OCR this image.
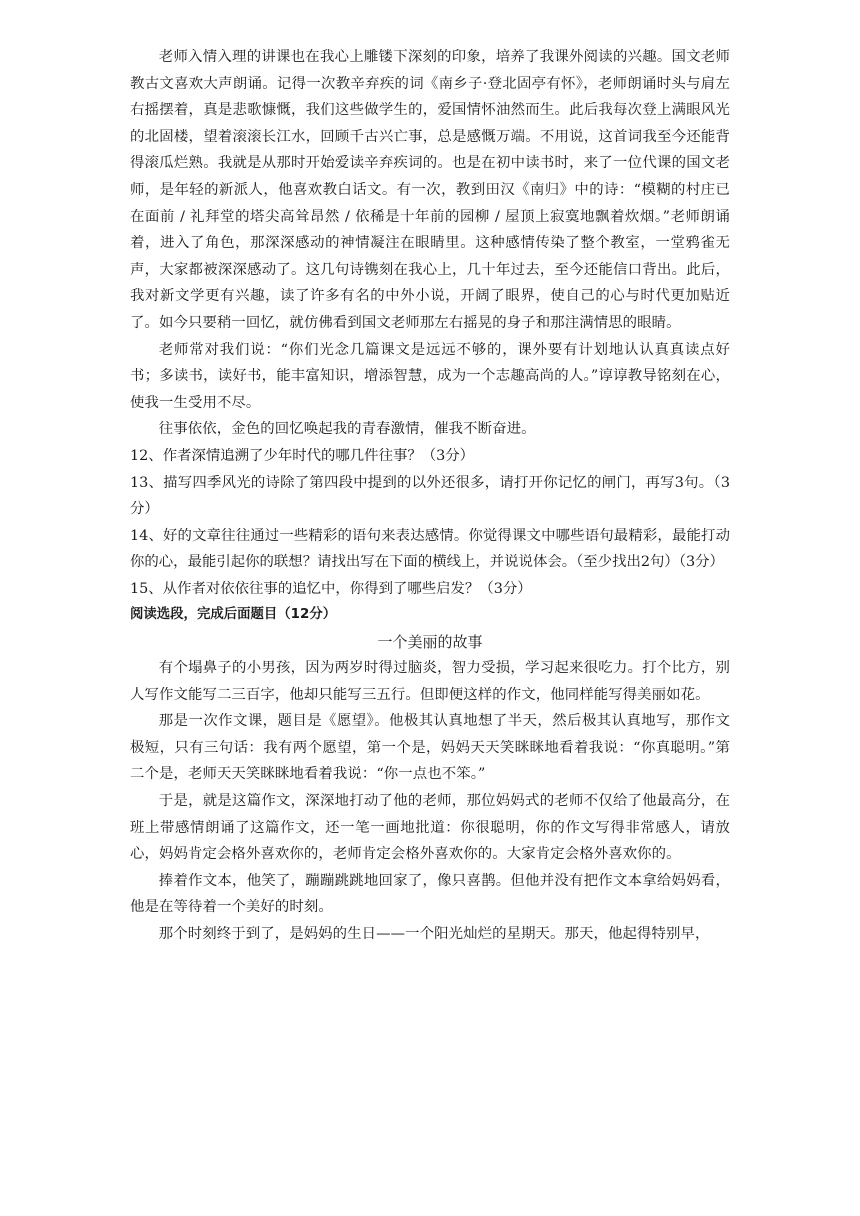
老师入情入理的讲课也在我心上雕镂下深刻的印象，培养了我课外阅读的兴趣。国文老师教古文喜欢大声朗诵。记得一次教辛弃疾的词《南乡子·登北固亭有怀》，老师朗诵时头与肩左右摇摆着，真是悲歌慷慨，我们这些做学生的，爱国情怀油然而生。此后我每次登上满眼风光的北固楼，望着滚滚长江水，回顾千古兴亡事，总是感慨万端。不用说，这首词我至今还能背得滚瓜烂熟。我就是从那时开始爱读辛弃疾词的。也是在初中读书时，来了一位代课的国文老师，是年轻的新派人，他喜欢教白话文。有一次，教到田汉《南归》中的诗：“模糊的村庄已在面前 / 礼拜堂的塔尖高耸昂然 / 依稀是十年前的园柳 / 屋顶上寂寞地飘着炊烟。”老师朗诵着，进入了角色，那深深感动的神情凝注在眼睛里。这种感情传染了整个教室，一堂鸦雀无声，大家都被深深感动了。这几句诗镌刻在我心上，几十年过去，至今还能信口背出。此后，我对新文学更有兴趣，读了许多有名的中外小说，开阔了眼界，使自己的心与时代更加贴近了。如今只要稍一回忆，就仿佛看到国文老师那左右摇晃的身子和那注满情思的眼睛。

老师常对我们说：“你们光念几篇课文是远远不够的，课外要有计划地认认真真读点好书；多读书，读好书，能丰富知识，增添智慧，成为一个志趣高尚的人。”谆谆教导铭刻在心，使我一生受用不尽。

往事依依，金色的回忆唤起我的青春激情，催我不断奋进。

12、作者深情追溯了少年时代的哪几件往事？（3分）

13、描写四季风光的诗除了第四段中提到的以外还很多，请打开你记忆的闸门，再写3句。（3分）

14、好的文章往往通过一些精彩的语句来表达感情。你觉得课文中哪些语句最精彩，最能打动你的心，最能引起你的联想？请找出写在下面的横线上，并说说体会。（至少找出2句）（3分）

15、从作者对依依往事的追忆中，你得到了哪些启发？（3分）

阅读选段，完成后面题目（12分）

一个美丽的故事

有个塌鼻子的小男孩，因为两岁时得过脑炎，智力受损，学习起来很吃力。打个比方，别人写作文能写二三百字，他却只能写三五行。但即便这样的作文，他同样能写得美丽如花。

那是一次作文课，题目是《愿望》。他极其认真地想了半天，然后极其认真地写，那作文极短，只有三句话：我有两个愿望，第一个是，妈妈天天笑眯眯地看着我说：“你真聪明。”第二个是，老师天天笑眯眯地看着我说：“你一点也不笨。”

于是，就是这篇作文，深深地打动了他的老师，那位妈妈式的老师不仅给了他最高分，在班上带感情朗诵了这篇作文，还一笔一画地批道：你很聪明，你的作文写得非常感人，请放心，妈妈肯定会格外喜欢你的，老师肯定会格外喜欢你的。大家肯定会格外喜欢你的。

捧着作文本，他笑了，蹦蹦跳跳地回家了，像只喜鹊。但他并没有把作文本拿给妈妈看，他是在等待着一个美好的时刻。

那个时刻终于到了，是妈妈的生日——一个阳光灿烂的星期天。那天，他起得特别早，
